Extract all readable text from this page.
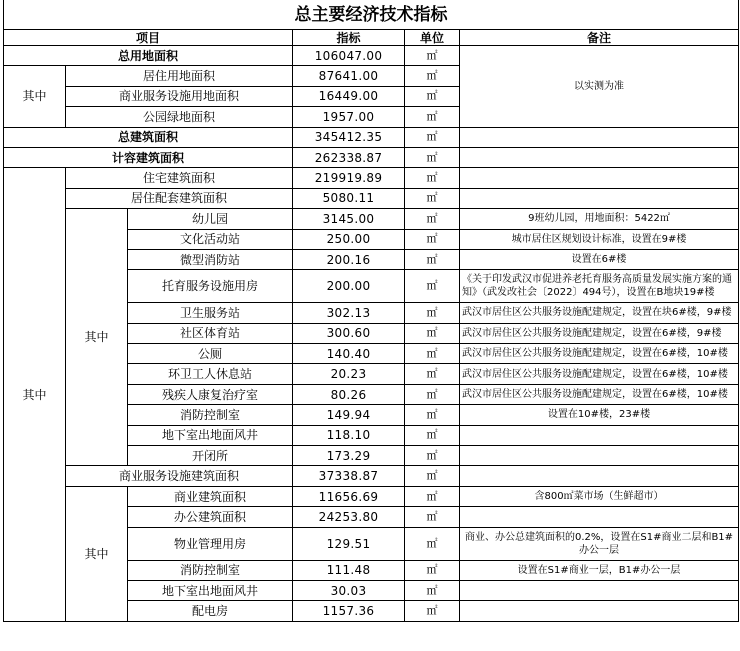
总主要经济技术指标					
项目			指标	单位	备注
总用地面积			106047.00	㎡	以实测为准
其中	居住用地面积		87641.00	㎡	
	商业服务设施用地面积		16449.00	㎡	
	公园绿地面积		1957.00	㎡	
总建筑面积			345412.35	㎡	
计容建筑面积			262338.87	㎡	
其中	住宅建筑面积		219919.89	㎡	
	居住配套建筑面积		5080.11	㎡	
	其中	幼儿园	3145.00	㎡	9班幼儿园，用地面积：5422㎡
		文化活动站	250.00	㎡	城市居住区规划设计标准，设置在9#楼
		微型消防站	200.16	㎡	设置在6#楼
		托育服务设施用房	200.00	㎡	《关于印发武汉市促进养老托育服务高质量发展实施方案的通知》（武发改社会〔2022〕494号），设置在B地块19#楼
		卫生服务站	302.13	㎡	武汉市居住区公共服务设施配建规定，设置在块6#楼，9#楼
		社区体育站	300.60	㎡	武汉市居住区公共服务设施配建规定，设置在6#楼，9#楼
		公厕	140.40	㎡	武汉市居住区公共服务设施配建规定，设置在6#楼，10#楼
		环卫工人休息站	20.23	㎡	武汉市居住区公共服务设施配建规定，设置在6#楼，10#楼
		残疾人康复治疗室	80.26	㎡	武汉市居住区公共服务设施配建规定，设置在6#楼，10#楼
		消防控制室	149.94	㎡	设置在10#楼，23#楼
		地下室出地面风井	118.10	㎡	
		开闭所	173.29	㎡	
	商业服务设施建筑面积		37338.87	㎡	
	其中	商业建筑面积	11656.69	㎡	含800㎡菜市场（生鲜超市）
		办公建筑面积	24253.80	㎡	
		物业管理用房	129.51	㎡	商业、办公总建筑面积的0.2%，设置在S1#商业二层和B1#办公一层
		消防控制室	111.48	㎡	设置在S1#商业一层，B1#办公一层
		地下室出地面风井	30.03	㎡	
		配电房	1157.36	㎡	
